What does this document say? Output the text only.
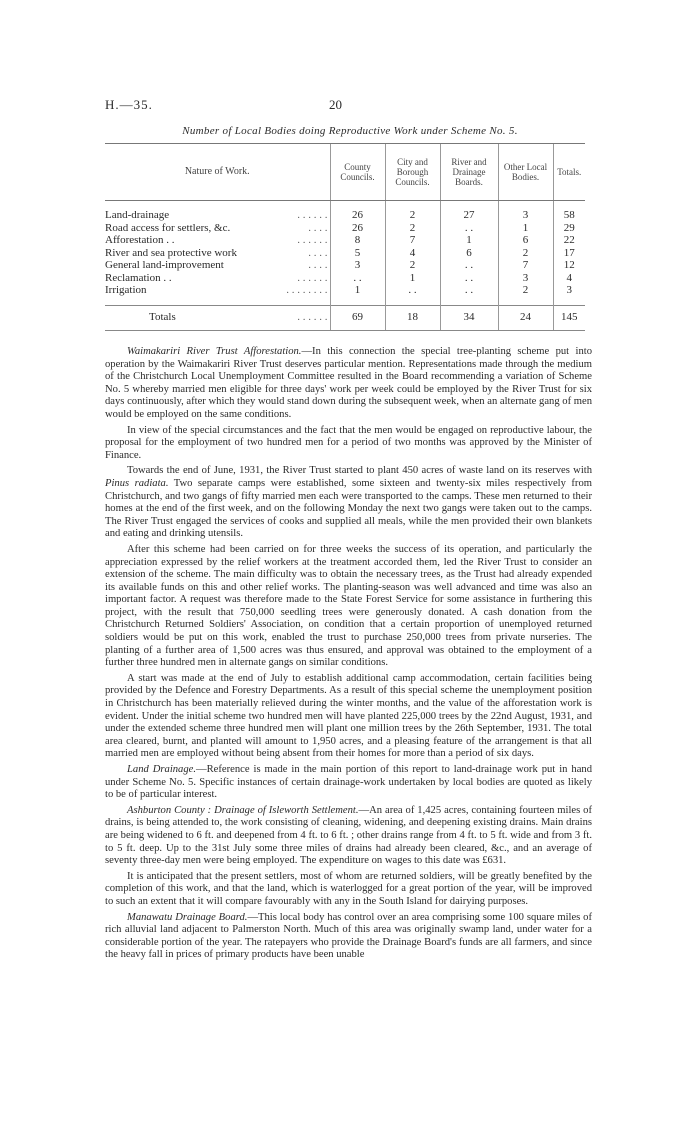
H.—35.	20
Number of Local Bodies doing Reproductive Work under Scheme No. 5.
Nature of Work.	County Councils.	City and Borough Councils.	River and Drainage Boards.	Other Local Bodies.	Totals.

Land-drainage . . . . . .	26	2	27	3	58
Road access for settlers, &c. . . . .	26	2	. .	1	29
Afforestation . . . . . . . .	8	7	1	6	22
River and sea protective work . . . .	5	4	6	2	17
General land-improvement . . . .	3	2	. .	7	12
Reclamation . . . . . . . .	. .	1	. .	3	4
Irrigation . . . . . . . .	1	. .	. .	2	3

Totals . . . . . .	69	18	34	24	145

Waimakariri River Trust Afforestation.—In this connection the special tree-planting scheme put into operation by the Waimakariri River Trust deserves particular mention. Representations made through the medium of the Christchurch Local Unemployment Committee resulted in the Board recommending a variation of Scheme No. 5 whereby married men eligible for three days' work per week could be employed by the River Trust for six days continuously, after which they would stand down during the subsequent week, when an alternate gang of men would be employed on the same conditions.

In view of the special circumstances and the fact that the men would be engaged on reproductive labour, the proposal for the employment of two hundred men for a period of two months was approved by the Minister of Finance.

Towards the end of June, 1931, the River Trust started to plant 450 acres of waste land on its reserves with Pinus radiata. Two separate camps were established, some sixteen and twenty-six miles respectively from Christchurch, and two gangs of fifty married men each were transported to the camps. These men returned to their homes at the end of the first week, and on the following Monday the next two gangs were taken out to the camps. The River Trust engaged the services of cooks and supplied all meals, while the men provided their own blankets and eating and drinking utensils.

After this scheme had been carried on for three weeks the success of its operation, and particularly the appreciation expressed by the relief workers at the treatment accorded them, led the River Trust to consider an extension of the scheme. The main difficulty was to obtain the necessary trees, as the Trust had already expended its available funds on this and other relief works. The planting-season was well advanced and time was also an important factor. A request was therefore made to the State Forest Service for some assistance in furthering this project, with the result that 750,000 seedling trees were generously donated. A cash donation from the Christchurch Returned Soldiers' Association, on condition that a certain proportion of unemployed returned soldiers would be put on this work, enabled the trust to purchase 250,000 trees from private nurseries. The planting of a further area of 1,500 acres was thus ensured, and approval was obtained to the employment of a further three hundred men in alternate gangs on similar conditions.

A start was made at the end of July to establish additional camp accommodation, certain facilities being provided by the Defence and Forestry Departments. As a result of this special scheme the unemployment position in Christchurch has been materially relieved during the winter months, and the value of the afforestation work is evident. Under the initial scheme two hundred men will have planted 225,000 trees by the 22nd August, 1931, and under the extended scheme three hundred men will plant one million trees by the 26th September, 1931. The total area cleared, burnt, and planted will amount to 1,950 acres, and a pleasing feature of the arrangement is that all married men are employed without being absent from their homes for more than a period of six days.

Land Drainage.—Reference is made in the main portion of this report to land-drainage work put in hand under Scheme No. 5. Specific instances of certain drainage-work undertaken by local bodies are quoted as likely to be of particular interest.

Ashburton County : Drainage of Isleworth Settlement.—An area of 1,425 acres, containing fourteen miles of drains, is being attended to, the work consisting of cleaning, widening, and deepening existing drains. Main drains are being widened to 6 ft. and deepened from 4 ft. to 6 ft. ; other drains range from 4 ft. to 5 ft. wide and from 3 ft. to 5 ft. deep. Up to the 31st July some three miles of drains had already been cleared, &c., and an average of seventy three-day men were being employed. The expenditure on wages to this date was £631.

It is anticipated that the present settlers, most of whom are returned soldiers, will be greatly benefited by the completion of this work, and that the land, which is waterlogged for a great portion of the year, will be improved to such an extent that it will compare favourably with any in the South Island for dairying purposes.

Manawatu Drainage Board.—This local body has control over an area comprising some 100 square miles of rich alluvial land adjacent to Palmerston North. Much of this area was originally swamp land, under water for a considerable portion of the year. The ratepayers who provide the Drainage Board's funds are all farmers, and since the heavy fall in prices of primary products have been unable
